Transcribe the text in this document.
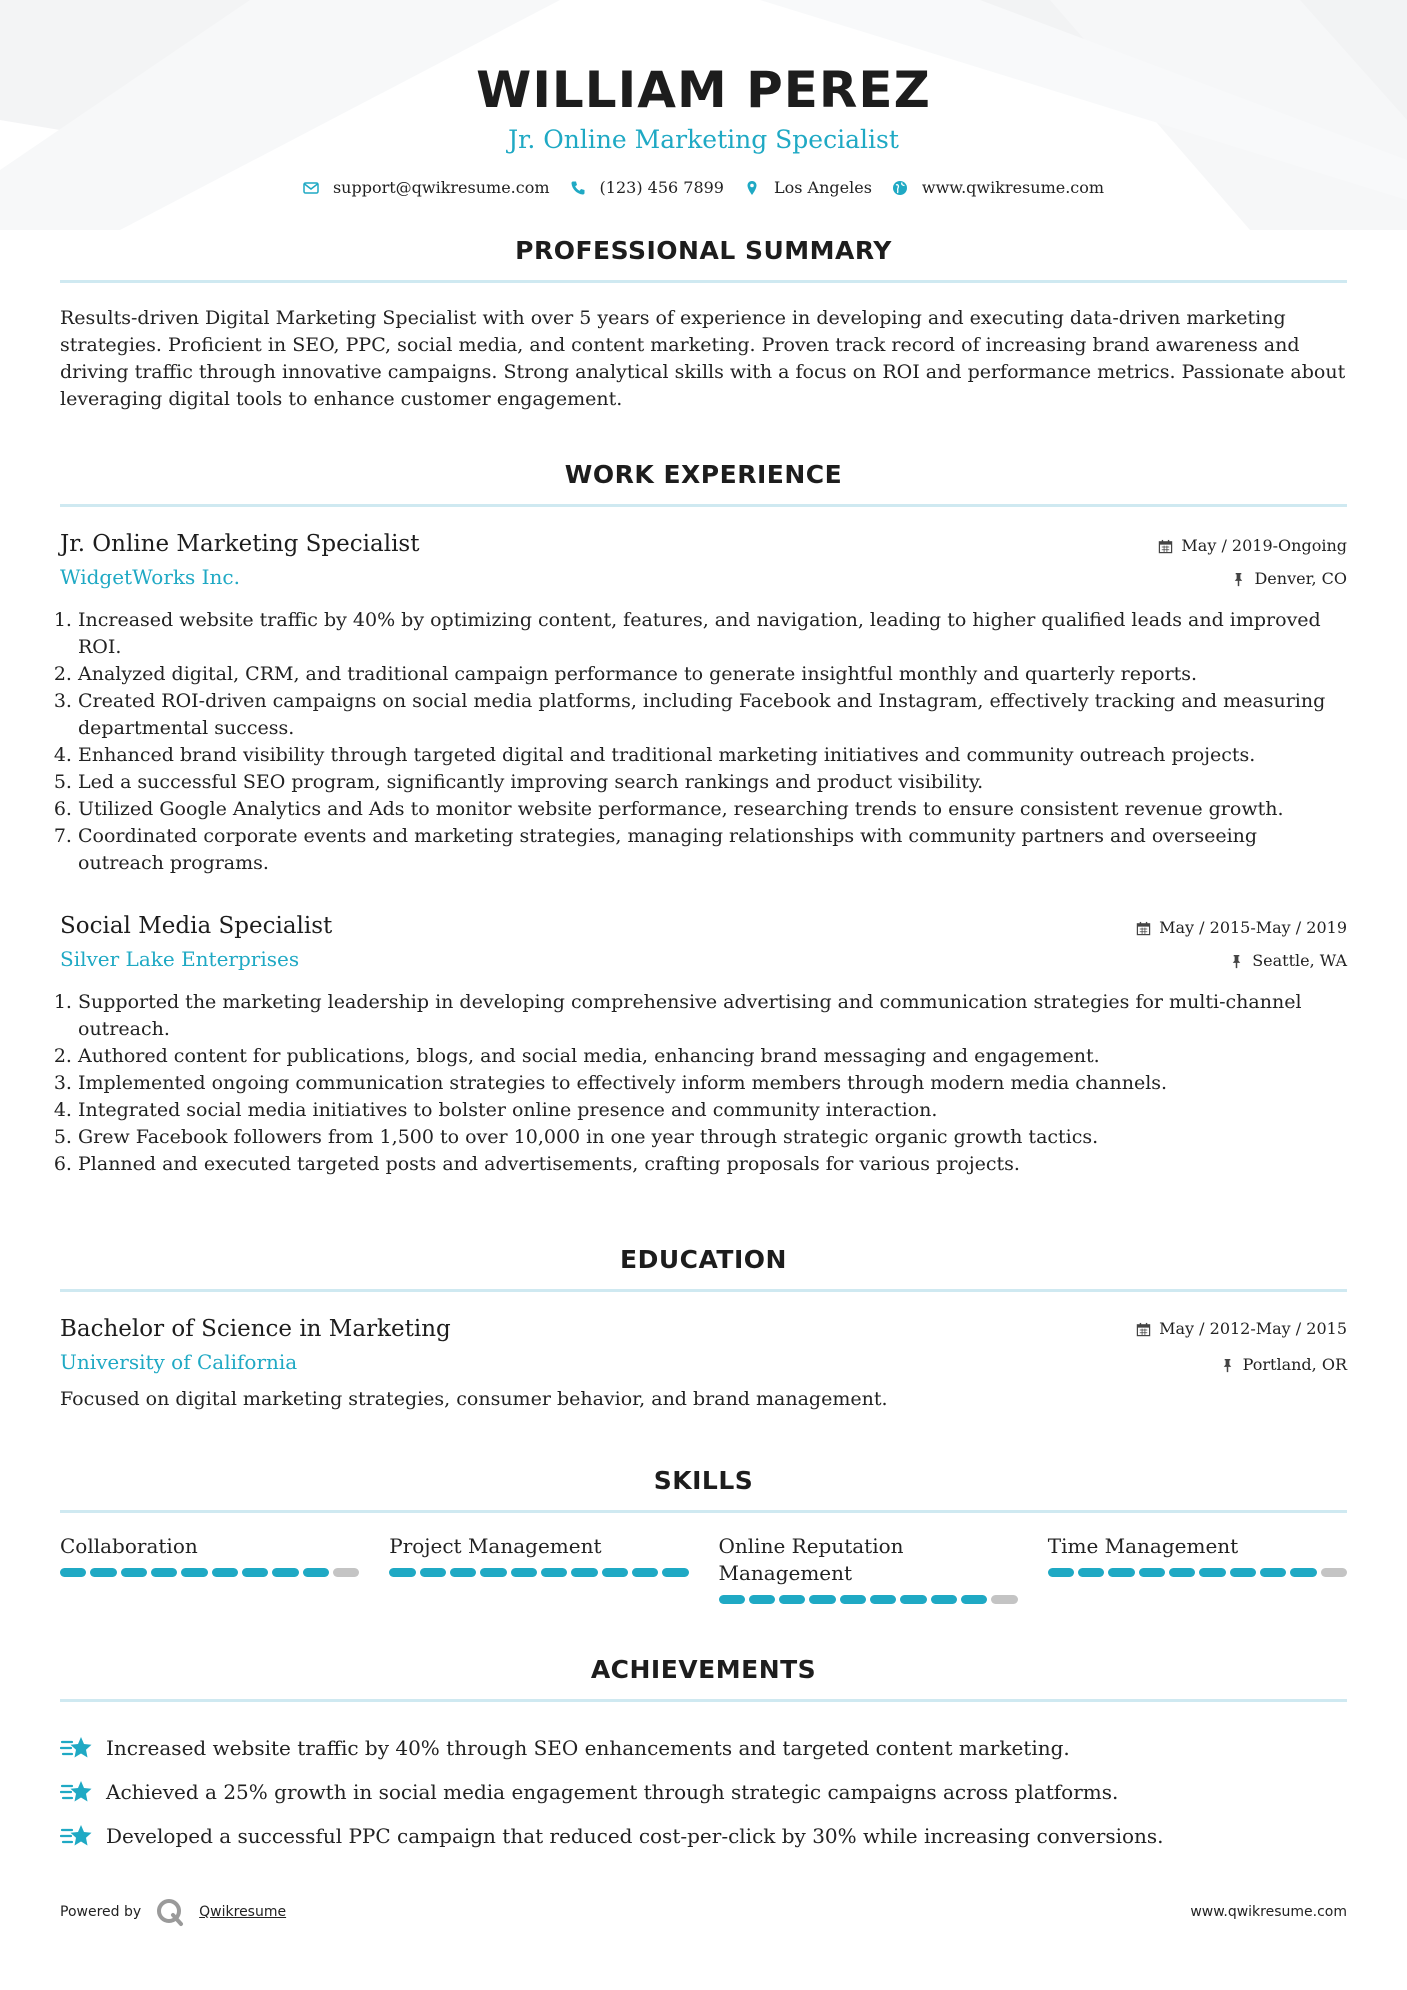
WILLIAM PEREZ
Jr. Online Marketing Specialist
support@qwikresume.com	(123) 456 7899	Los Angeles	www.qwikresume.com
PROFESSIONAL SUMMARY
Results-driven Digital Marketing Specialist with over 5 years of experience in developing and executing data-driven marketing strategies. Proficient in SEO, PPC, social media, and content marketing. Proven track record of increasing brand awareness and driving traffic through innovative campaigns. Strong analytical skills with a focus on ROI and performance metrics. Passionate about leveraging digital tools to enhance customer engagement.
WORK EXPERIENCE
Jr. Online Marketing Specialist
WidgetWorks Inc.
May / 2019-Ongoing
Denver, CO
1. Increased website traffic by 40% by optimizing content, features, and navigation, leading to higher qualified leads and improved ROI.
2. Analyzed digital, CRM, and traditional campaign performance to generate insightful monthly and quarterly reports.
3. Created ROI-driven campaigns on social media platforms, including Facebook and Instagram, effectively tracking and measuring departmental success.
4. Enhanced brand visibility through targeted digital and traditional marketing initiatives and community outreach projects.
5. Led a successful SEO program, significantly improving search rankings and product visibility.
6. Utilized Google Analytics and Ads to monitor website performance, researching trends to ensure consistent revenue growth.
7. Coordinated corporate events and marketing strategies, managing relationships with community partners and overseeing outreach programs.
Social Media Specialist
Silver Lake Enterprises
May / 2015-May / 2019
Seattle, WA
1. Supported the marketing leadership in developing comprehensive advertising and communication strategies for multi-channel outreach.
2. Authored content for publications, blogs, and social media, enhancing brand messaging and engagement.
3. Implemented ongoing communication strategies to effectively inform members through modern media channels.
4. Integrated social media initiatives to bolster online presence and community interaction.
5. Grew Facebook followers from 1,500 to over 10,000 in one year through strategic organic growth tactics.
6. Planned and executed targeted posts and advertisements, crafting proposals for various projects.
EDUCATION
Bachelor of Science in Marketing
University of California
May / 2012-May / 2015
Portland, OR
Focused on digital marketing strategies, consumer behavior, and brand management.
SKILLS
Collaboration	Project Management	Online Reputation Management
Time Management
ACHIEVEMENTS
Increased website traffic by 40% through SEO enhancements and targeted content marketing.
Achieved a 25% growth in social media engagement through strategic campaigns across platforms.
Developed a successful PPC campaign that reduced cost-per-click by 30% while increasing conversions.
Powered by	Qwikresume	www.qwikresume.com
